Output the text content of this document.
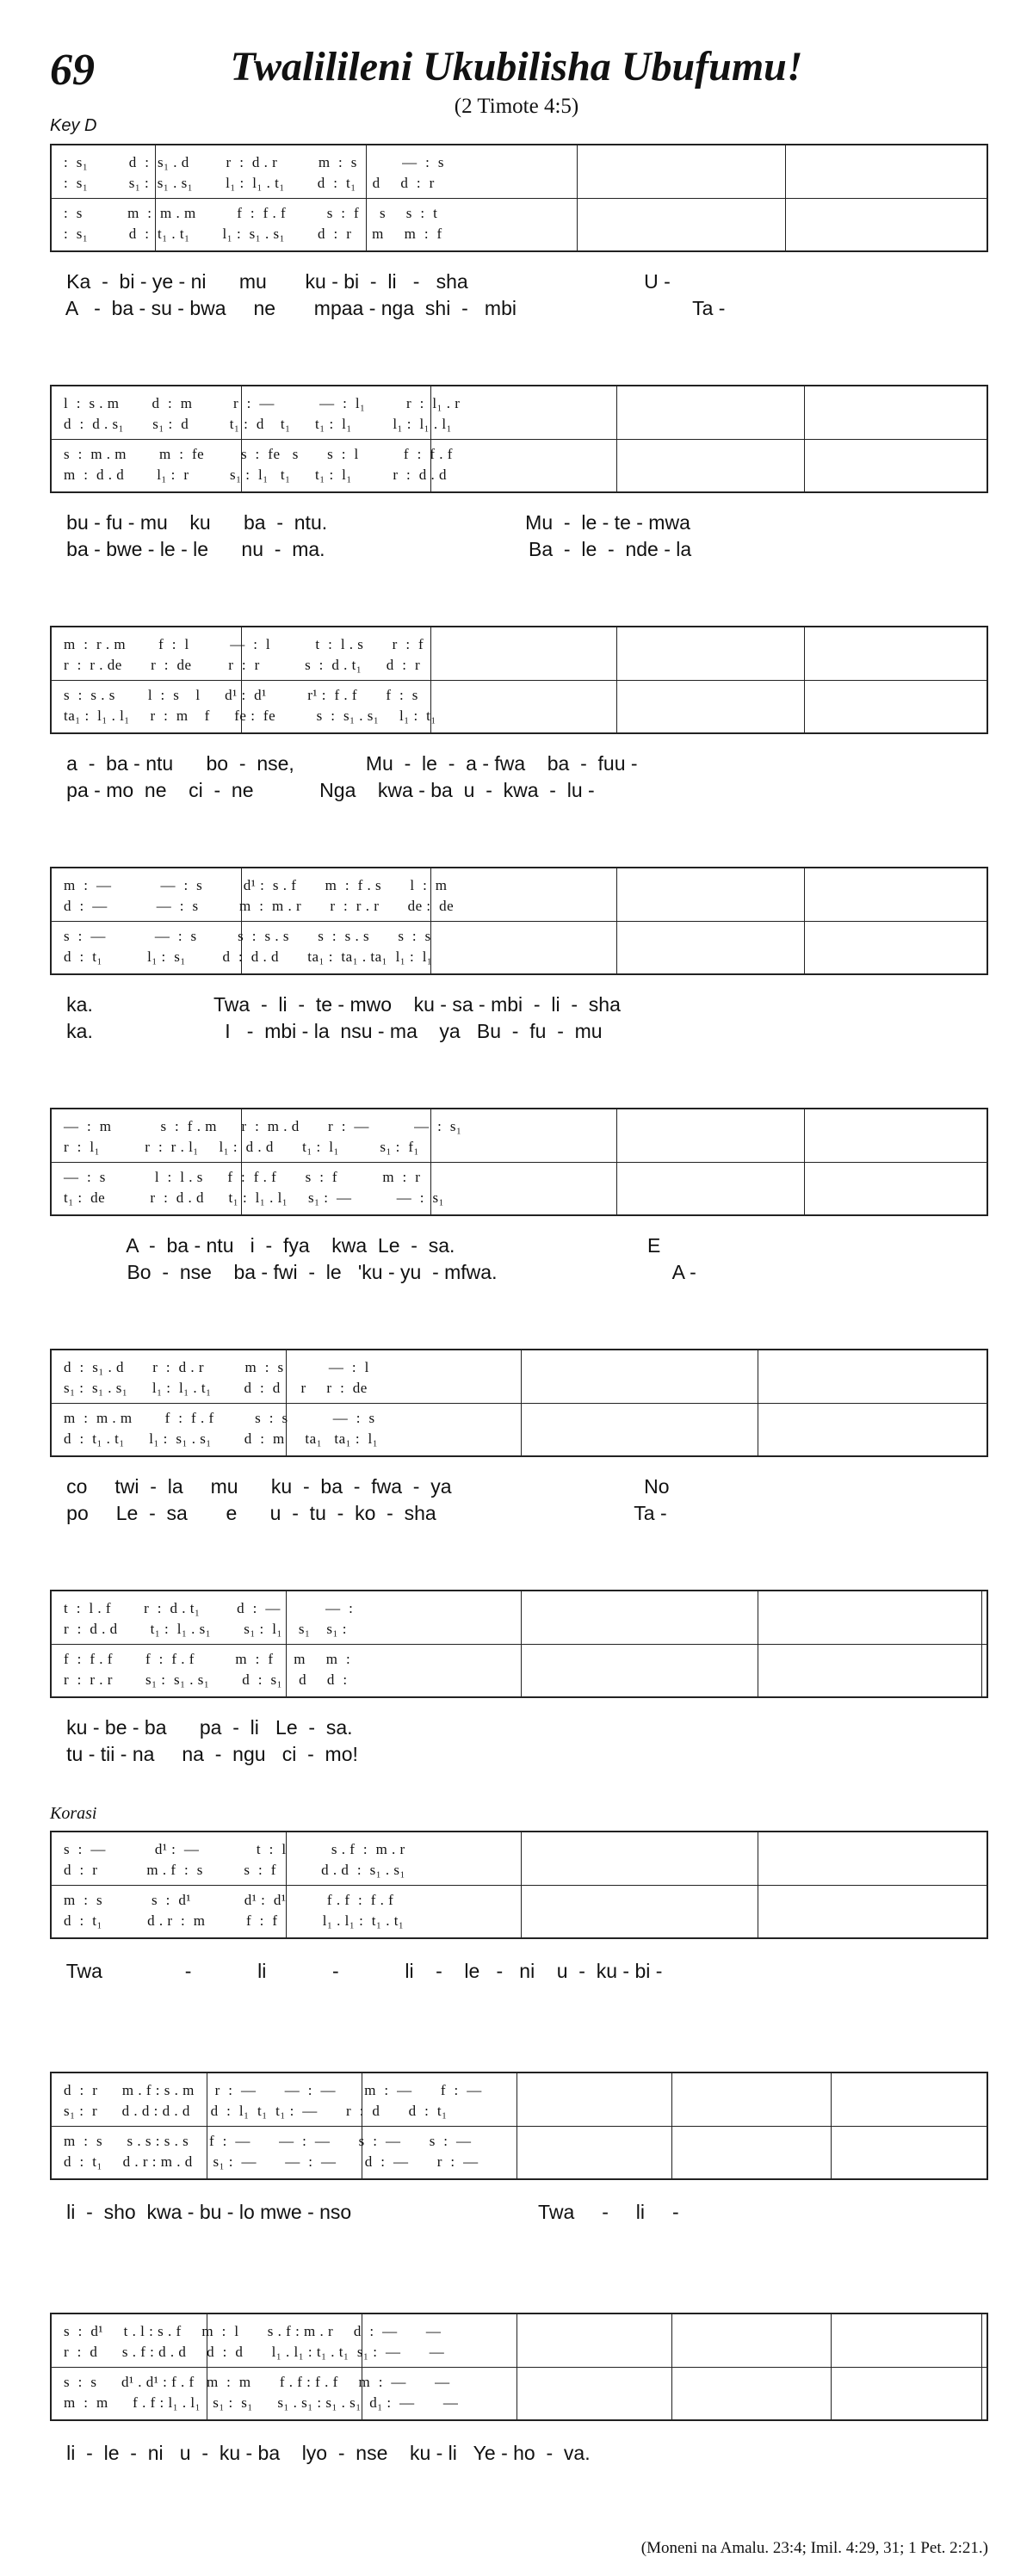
69	Twalilileni Ukubilisha Ubufumu!
(2 Timote 4:5)
Key D
:  s₁          d  :  s₁ . d         r  :  d . r          m  :  s           —  :  s
:  s₁          s₁ :  s₁ . s₁        l₁ :  l₁ . t₁        d  :  t₁    d     d  :  r
:  s           m  :  m . m          f  :  f . f          s  :  f     s     s  :  t
:  s₁          d  :  t₁ . t₁        l₁ :  s₁ . s₁        d  :  r     m     m  :  f
Ka  -  bi - ye - ni      mu       ku - bi  -  li   -   sha                                U -
A   -  ba - su - bwa     ne       mpaa - nga  shi  -   mbi                                Ta -
l  :  s . m        d  :  m          r  :  —           —  :  l₁          r  :  l₁ . r
d  :  d . s₁       s₁ :  d          t₁ :  d    t₁      t₁ :  l₁          l₁ :  l₁ . l₁
s  :  m . m        m  :  fe         s  :  fe   s       s  :  l           f  :  f . f
m  :  d . d        l₁ :  r          s₁ :  l₁   t₁      t₁ :  l₁          r  :  d . d
bu - fu - mu    ku      ba  -  ntu.                                    Mu  -  le - te - mwa
ba - bwe - le - le      nu  -  ma.                                     Ba  -  le  -  nde - la
m  :  r . m        f  :  l          —  :  l           t  :  l . s       r  :  f
r  :  r . de       r  :  de         r  :  r           s  :  d . t₁      d  :  r
s  :  s . s        l  :  s    l      d¹ :  d¹          r¹ :  f . f       f  :  s
ta₁ :  l₁ . l₁     r  :  m    f      fe :  fe          s  :  s₁ . s₁     l₁ :  t₁
a  -  ba - ntu      bo  -  nse,             Mu  -  le  -  a - fwa    ba  -  fuu -
pa - mo  ne    ci  -  ne            Nga    kwa - ba  u  -  kwa  -  lu -
m  :  —            —  :  s          d¹ :  s . f       m  :  f . s       l  :  m
d  :  —            —  :  s          m  :  m . r       r  :  r . r       de :  de
s  :  —            —  :  s          s  :  s . s       s  :  s . s       s  :  s
d  :  t₁           l₁ :  s₁         d  :  d . d       ta₁ :  ta₁ . ta₁  l₁ :  l₁
ka.                      Twa  -  li  -  te - mwo    ku - sa - mbi  -  li  -  sha
ka.                        I   -  mbi - la  nsu - ma    ya   Bu  -  fu  -  mu
—  :  m            s  :  f . m      r  :  m . d       r  :  —           —  :  s₁
r  :  l₁           r  :  r . l₁     l₁ :  d . d       t₁ :  l₁          s₁ :  f₁
—  :  s            l  :  l . s      f  :  f . f       s  :  f           m  :  r
t₁ :  de           r  :  d . d      t₁ :  l₁ . l₁     s₁ :  —           —  :  s₁
A  -  ba - ntu   i  -  fya    kwa  Le  -  sa.                                   E
Bo  -  nse    ba - fwi  -  le   'ku - yu  - mfwa.                                A -
d  :  s₁ . d       r  :  d . r          m  :  s           —  :  l
s₁ :  s₁ . s₁      l₁ :  l₁ . t₁        d  :  d     r     r  :  de
m  :  m . m        f  :  f . f          s  :  s           —  :  s
d  :  t₁ . t₁      l₁ :  s₁ . s₁        d  :  m     ta₁   ta₁ :  l₁
co     twi  -  la     mu      ku  -  ba  -  fwa  -  ya                                   No
po     Le  -  sa       e      u  -  tu  -  ko  -  sha                                    Ta -
t  :  l . f        r  :  d . t₁         d  :  —           —  :
r  :  d . d        t₁ :  l₁ . s₁        s₁ :  l₁    s₁    s₁ :
f  :  f . f        f  :  f . f          m  :  f     m     m  :
r  :  r . r        s₁ :  s₁ . s₁        d  :  s₁    d     d  :
ku - be - ba      pa  -  li   Le  -  sa.
tu - tii - na     na  -  ngu   ci  -  mo!
Korasi
s  :  —            d¹ :  —              t  :  l           s . f  :  m . r
d  :  r            m . f  :  s          s  :  f           d . d  :  s₁ . s₁
m  :  s            s  :  d¹             d¹ :  d¹          f . f  :  f . f
d  :  t₁           d . r  :  m          f  :  f           l₁ . l₁ :  t₁ . t₁
Twa               -            li            -            li    -    le   -   ni    u  -  ku - bi -
d  :  r      m . f : s . m     r  :  —       —  :  —       m  :  —       f  :  —
s₁ :  r      d . d : d . d     d  :  l₁  t₁  t₁ :  —       r  :  d       d  :  t₁
m  :  s      s . s : s . s     f  :  —       —  :  —       s  :  —       s  :  —
d  :  t₁     d . r : m . d     s₁ :  —       —  :  —       d  :  —       r  :  —
li  -  sho  kwa - bu - lo mwe - nso                                  Twa     -     li     -
s  :  d¹     t . l : s . f     m  :  l       s . f : m . r     d  :  —       —
r  :  d      s . f : d . d     d  :  d       l₁ . l₁ : t₁ . t₁  s₁ :  —       —
s  :  s      d¹ . d¹ : f . f   m  :  m       f . f : f . f     m  :  —       —
m  :  m      f . f : l₁ . l₁   s₁ :  s₁      s₁ . s₁ : s₁ . s₁  d₁ :  —       —
li  -  le  -  ni   u  -  ku - ba    lyo  -  nse    ku - li   Ye - ho  -  va.
(Moneni na Amalu. 23:4; Imil. 4:29, 31; 1 Pet. 2:21.)
